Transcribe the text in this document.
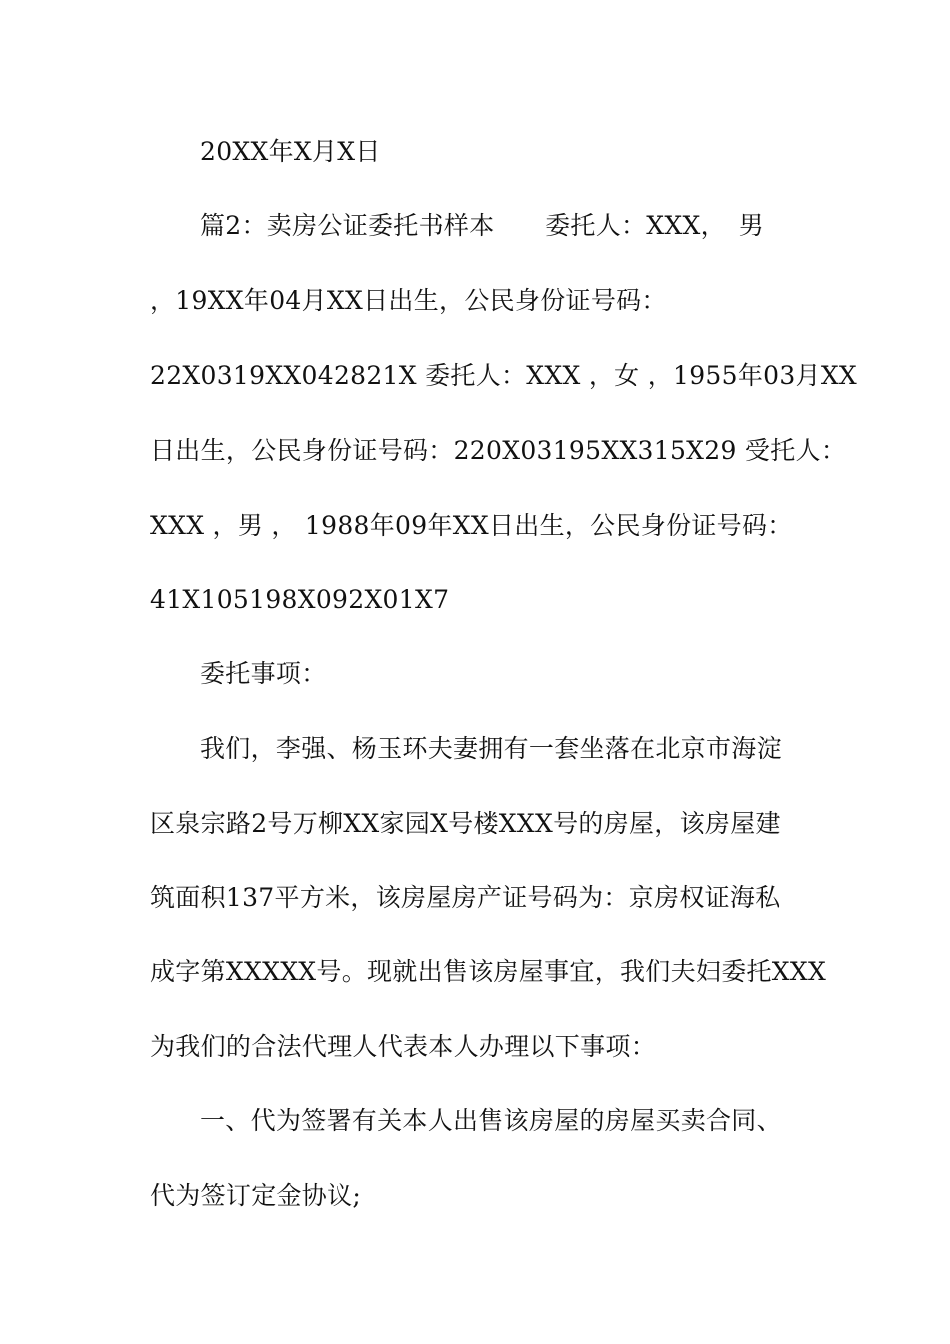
20XX年X月X日
篇2：卖房公证委托书样本　　委托人：XXX，　男
，19XX年04月XX日出生，公民身份证号码：
22X0319XX042821X 委托人：XXX ，女 ，1955年03月XX
日出生，公民身份证号码：220X03195XX315X29 受托人：
XXX ，男 ， 1988年09年XX日出生，公民身份证号码：
41X105198X092X01X7
委托事项：
我们，李强、杨玉环夫妻拥有一套坐落在北京市海淀
区泉宗路2号万柳XX家园X号楼XXX号的房屋，该房屋建
筑面积137平方米，该房屋房产证号码为：京房权证海私
成字第XXXXX号。现就出售该房屋事宜，我们夫妇委托XXX
为我们的合法代理人代表本人办理以下事项：
一、代为签署有关本人出售该房屋的房屋买卖合同、
代为签订定金协议;
